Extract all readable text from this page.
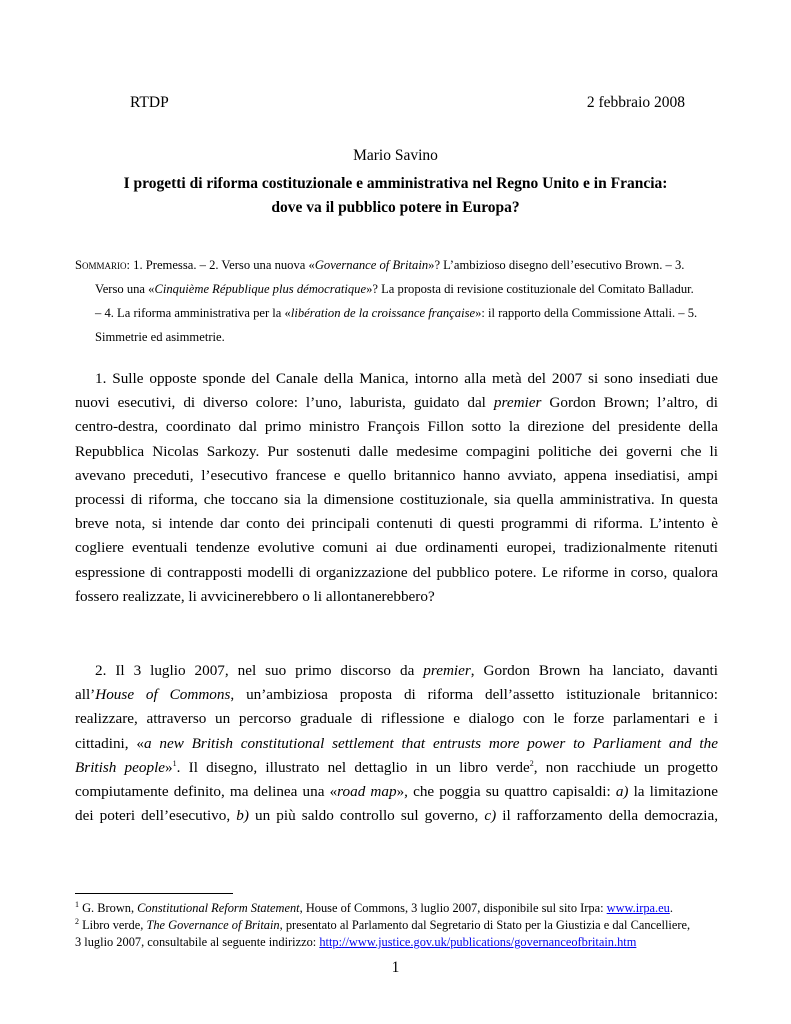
RTDP	2 febbraio 2008
Mario Savino
I progetti di riforma costituzionale e amministrativa nel Regno Unito e in Francia:
dove va il pubblico potere in Europa?
Sommario: 1. Premessa. – 2. Verso una nuova «Governance of Britain»? L’ambizioso disegno dell’esecutivo Brown. – 3.
Verso una «Cinquième République plus démocratique»? La proposta di revisione costituzionale del Comitato Balladur.
– 4. La riforma amministrativa per la «libération de la croissance française»: il rapporto della Commissione Attali. – 5.
Simmetrie ed asimmetrie.
1. Sulle opposte sponde del Canale della Manica, intorno alla metà del 2007 si sono insediati due
nuovi esecutivi, di diverso colore: l’uno, laburista, guidato dal premier Gordon Brown; l’altro, di
centro-destra, coordinato dal primo ministro François Fillon sotto la direzione del presidente della
Repubblica Nicolas Sarkozy. Pur sostenuti dalle medesime compagini politiche dei governi che li
avevano preceduti, l’esecutivo francese e quello britannico hanno avviato, appena insediatisi, ampi
processi di riforma, che toccano sia la dimensione costituzionale, sia quella amministrativa. In questa
breve nota, si intende dar conto dei principali contenuti di questi programmi di riforma. L’intento è
cogliere eventuali tendenze evolutive comuni ai due ordinamenti europei, tradizionalmente ritenuti
espressione di contrapposti modelli di organizzazione del pubblico potere. Le riforme in corso, qualora
fossero realizzate, li avvicinerebbero o li allontanerebbero?
2. Il 3 luglio 2007, nel suo primo discorso da premier, Gordon Brown ha lanciato, davanti
all’House of Commons, un’ambiziosa proposta di riforma dell’assetto istituzionale britannico:
realizzare, attraverso un percorso graduale di riflessione e dialogo con le forze parlamentari e i
cittadini, «a new British constitutional settlement that entrusts more power to Parliament and the
British people»$^1$. Il disegno, illustrato nel dettaglio in un libro verde$^2$, non racchiude un progetto
compiutamente definito, ma delinea una «road map», che poggia su quattro capisaldi: a) la limitazione
dei poteri dell’esecutivo, b) un più saldo controllo sul governo, c) il rafforzamento della democrazia,
$^1$ G. Brown, Constitutional Reform Statement, House of Commons, 3 luglio 2007, disponibile sul sito Irpa: www.irpa.eu.
$^2$ Libro verde, The Governance of Britain, presentato al Parlamento dal Segretario di Stato per la Giustizia e dal Cancelliere,
3 luglio 2007, consultabile al seguente indirizzo: http://www.justice.gov.uk/publications/governanceofbritain.htm
1
